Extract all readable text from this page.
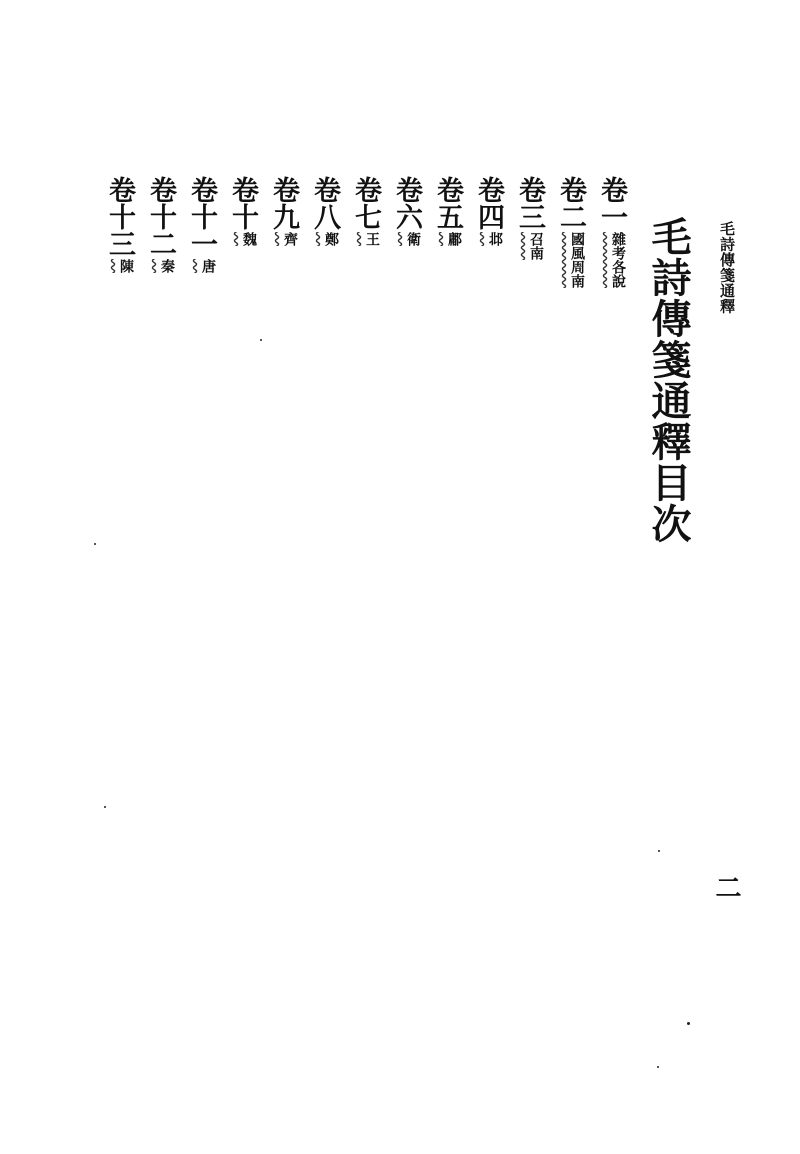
毛詩傳箋通釋
毛詩傳箋通釋目次
卷一
雜考各說
卷二
國風周南
卷三
召南
卷四
邶
卷五
鄘
卷六
衛
卷七
王
卷八
鄭
卷九
齊
卷十
魏
卷十一
唐
卷十二
秦
卷十三
陳
二
